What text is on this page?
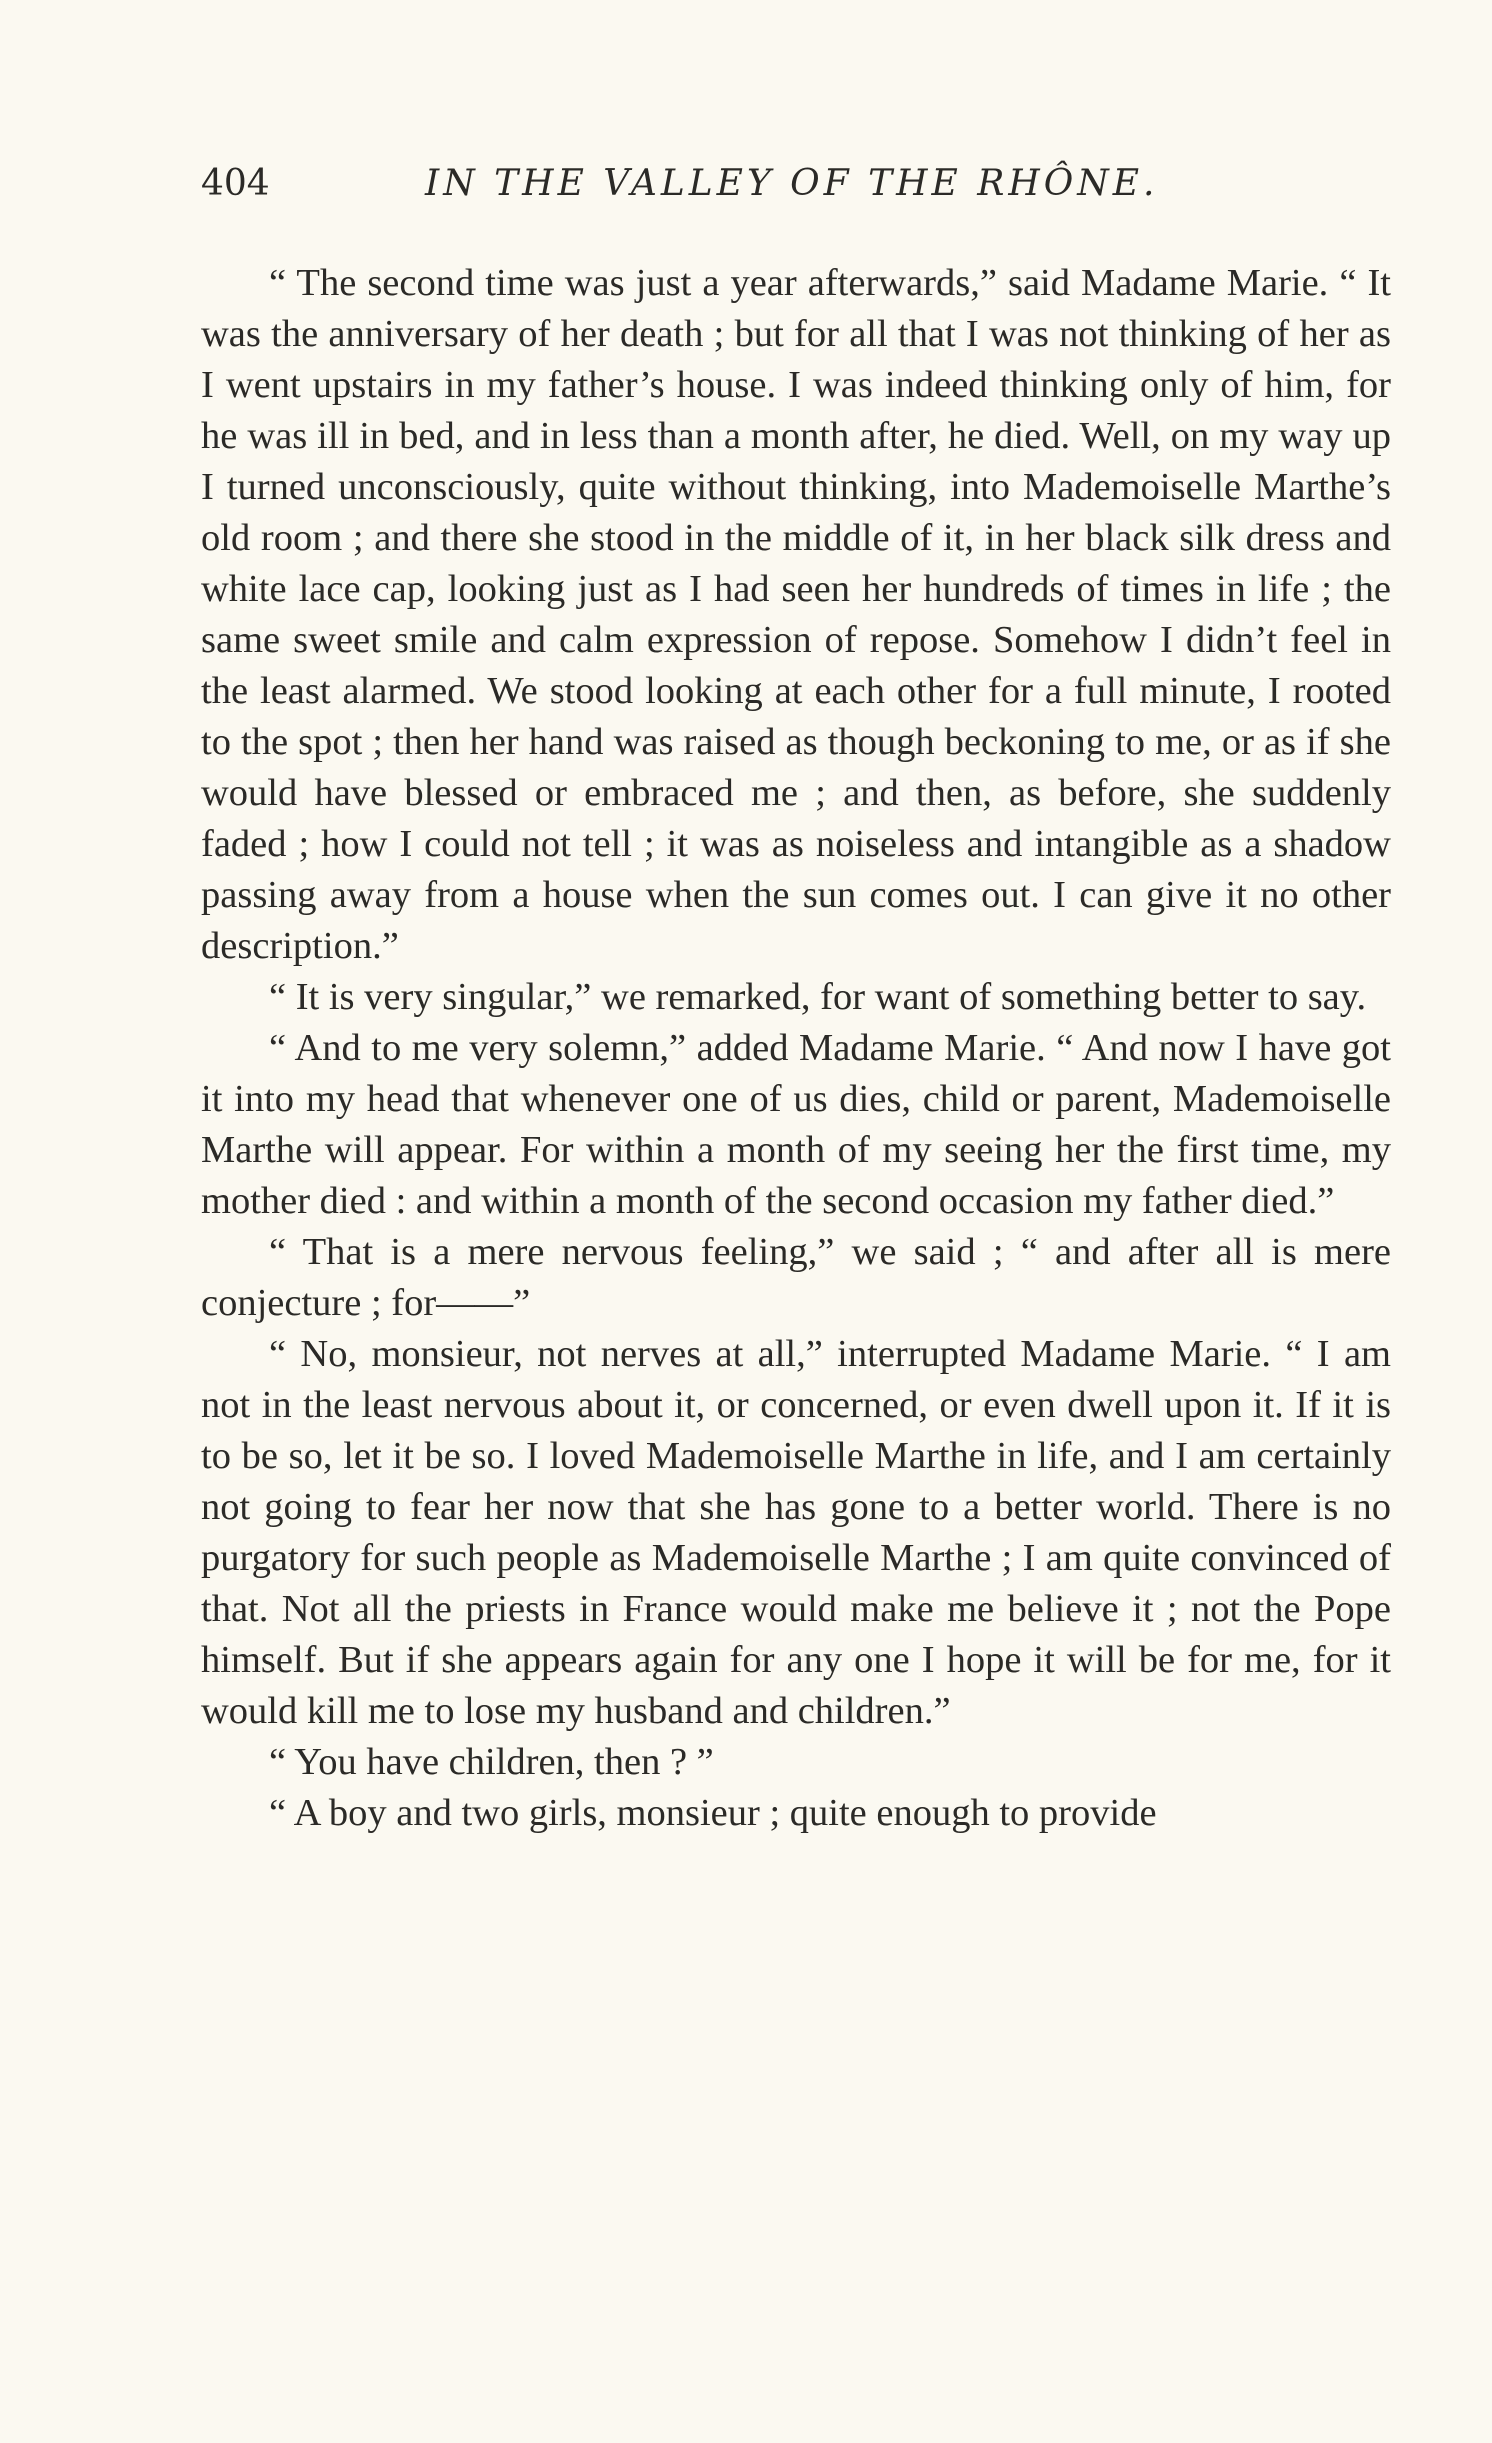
404	IN THE VALLEY OF THE RHÔNE.

“ The second time was just a year afterwards,” said Madame Marie. “ It was the anniversary of her death ; but for all that I was not thinking of her as I went upstairs in my father’s house. I was indeed thinking only of him, for he was ill in bed, and in less than a month after, he died. Well, on my way up I turned unconsciously, quite without thinking, into Mademoiselle Marthe’s old room ; and there she stood in the middle of it, in her black silk dress and white lace cap, looking just as I had seen her hundreds of times in life ; the same sweet smile and calm expression of repose. Somehow I didn’t feel in the least alarmed. We stood looking at each other for a full minute, I rooted to the spot ; then her hand was raised as though beckoning to me, or as if she would have blessed or embraced me ; and then, as before, she suddenly faded ; how I could not tell ; it was as noiseless and intangible as a shadow passing away from a house when the sun comes out. I can give it no other description.”

“ It is very singular,” we remarked, for want of something better to say.

“ And to me very solemn,” added Madame Marie. “ And now I have got it into my head that whenever one of us dies, child or parent, Mademoiselle Marthe will appear. For within a month of my seeing her the first time, my mother died : and within a month of the second occasion my father died.”

“ That is a mere nervous feeling,” we said ; “ and after all is mere conjecture ; for——”

“ No, monsieur, not nerves at all,” interrupted Madame Marie. “ I am not in the least nervous about it, or concerned, or even dwell upon it. If it is to be so, let it be so. I loved Mademoiselle Marthe in life, and I am certainly not going to fear her now that she has gone to a better world. There is no purgatory for such people as Mademoiselle Marthe ; I am quite convinced of that. Not all the priests in France would make me believe it ; not the Pope himself. But if she appears again for any one I hope it will be for me, for it would kill me to lose my husband and children.”

“ You have children, then ? ”

“ A boy and two girls, monsieur ; quite enough to provide
